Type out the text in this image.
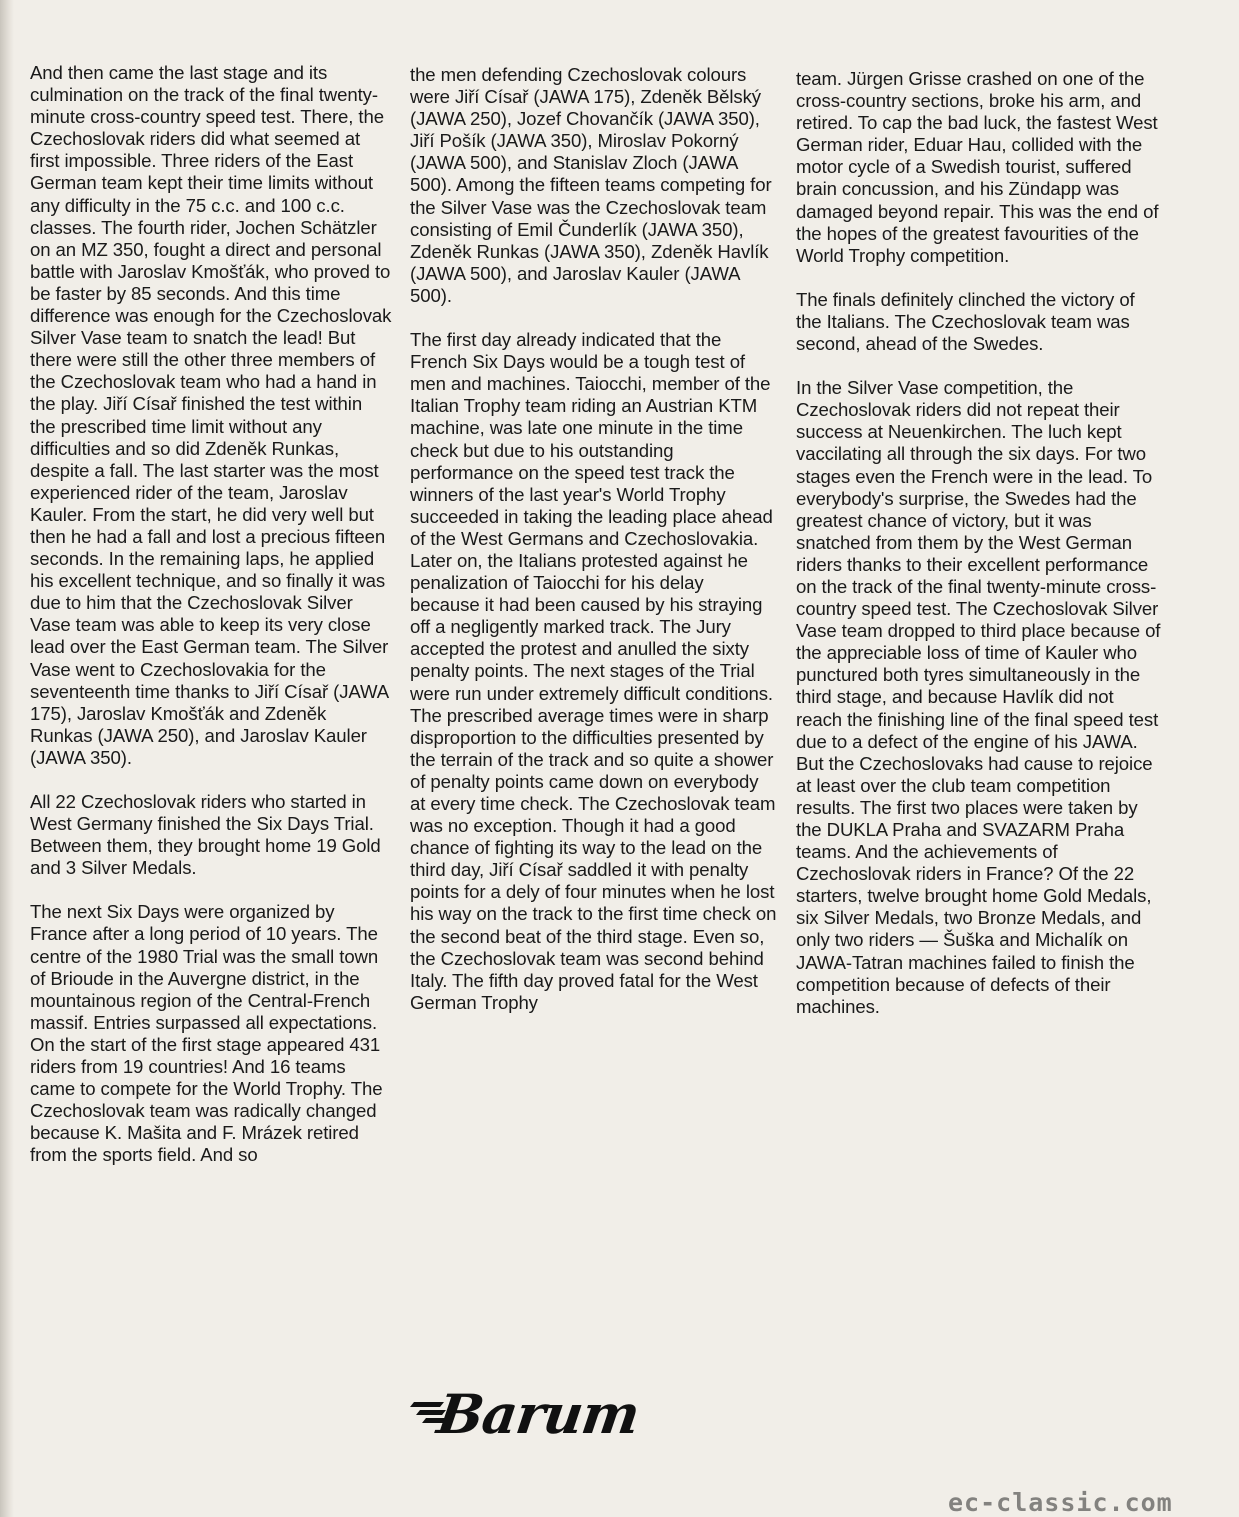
And then came the last stage and its culmination on the track of the final twenty-minute cross-country speed test. There, the Czechoslovak riders did what seemed at first impossible. Three riders of the East German team kept their time limits without any difficulty in the 75 c.c. and 100 c.c. classes. The fourth rider, Jochen Schätzler on an MZ 350, fought a direct and personal battle with Jaroslav Kmošťák, who proved to be faster by 85 seconds. And this time difference was enough for the Czechoslovak Silver Vase team to snatch the lead! But there were still the other three members of the Czechoslovak team who had a hand in the play. Jiří Císař finished the test within the prescribed time limit without any difficulties and so did Zdeněk Runkas, despite a fall. The last starter was the most experienced rider of the team, Jaroslav Kauler. From the start, he did very well but then he had a fall and lost a precious fifteen seconds. In the remaining laps, he applied his excellent technique, and so finally it was due to him that the Czechoslovak Silver Vase team was able to keep its very close lead over the East German team. The Silver Vase went to Czechoslovakia for the seventeenth time thanks to Jiří Císař (JAWA 175), Jaroslav Kmošťák and Zdeněk Runkas (JAWA 250), and Jaroslav Kauler (JAWA 350).

All 22 Czechoslovak riders who started in West Germany finished the Six Days Trial. Between them, they brought home 19 Gold and 3 Silver Medals.

The next Six Days were organized by France after a long period of 10 years. The centre of the 1980 Trial was the small town of Brioude in the Auvergne district, in the mountainous region of the Central-French massif. Entries surpassed all expectations. On the start of the first stage appeared 431 riders from 19 countries! And 16 teams came to compete for the World Trophy. The Czechoslovak team was radically changed because K. Mašita and F. Mrázek retired from the sports field. And so

the men defending Czechoslovak colours were Jiří Císař (JAWA 175), Zdeněk Bělský (JAWA 250), Jozef Chovančík (JAWA 350), Jiří Pošík (JAWA 350), Miroslav Pokorný (JAWA 500), and Stanislav Zloch (JAWA 500). Among the fifteen teams competing for the Silver Vase was the Czechoslovak team consisting of Emil Čunderlík (JAWA 350), Zdeněk Runkas (JAWA 350), Zdeněk Havlík (JAWA 500), and Jaroslav Kauler (JAWA 500).

The first day already indicated that the French Six Days would be a tough test of men and machines. Taiocchi, member of the Italian Trophy team riding an Austrian KTM machine, was late one minute in the time check but due to his outstanding performance on the speed test track the winners of the last year's World Trophy succeeded in taking the leading place ahead of the West Germans and Czechoslovakia. Later on, the Italians protested against he penalization of Taiocchi for his delay because it had been caused by his straying off a negligently marked track. The Jury accepted the protest and anulled the sixty penalty points. The next stages of the Trial were run under extremely difficult conditions. The prescribed average times were in sharp disproportion to the difficulties presented by the terrain of the track and so quite a shower of penalty points came down on everybody at every time check. The Czechoslovak team was no exception. Though it had a good chance of fighting its way to the lead on the third day, Jiří Císař saddled it with penalty points for a dely of four minutes when he lost his way on the track to the first time check on the second beat of the third stage. Even so, the Czechoslovak team was second behind Italy. The fifth day proved fatal for the West German Trophy

team. Jürgen Grisse crashed on one of the cross-country sections, broke his arm, and retired. To cap the bad luck, the fastest West German rider, Eduar Hau, collided with the motor cycle of a Swedish tourist, suffered brain concussion, and his Zündapp was damaged beyond repair. This was the end of the hopes of the greatest favourities of the World Trophy competition.

The finals definitely clinched the victory of the Italians. The Czechoslovak team was second, ahead of the Swedes.

In the Silver Vase competition, the Czechoslovak riders did not repeat their success at Neuenkirchen. The luch kept vaccilating all through the six days. For two stages even the French were in the lead. To everybody's surprise, the Swedes had the greatest chance of victory, but it was snatched from them by the West German riders thanks to their excellent performance on the track of the final twenty-minute cross-country speed test. The Czechoslovak Silver Vase team dropped to third place because of the appreciable loss of time of Kauler who punctured both tyres simultaneously in the third stage, and because Havlík did not reach the finishing line of the final speed test due to a defect of the engine of his JAWA. But the Czechoslovaks had cause to rejoice at least over the club team competition results. The first two places were taken by the DUKLA Praha and SVAZARM Praha teams. And the achievements of Czechoslovak riders in France? Of the 22 starters, twelve brought home Gold Medals, six Silver Medals, two Bronze Medals, and only two riders — Šuška and Michalík on JAWA-Tatran machines failed to finish the competition because of defects of their machines.

Barum
ec-classic.com
